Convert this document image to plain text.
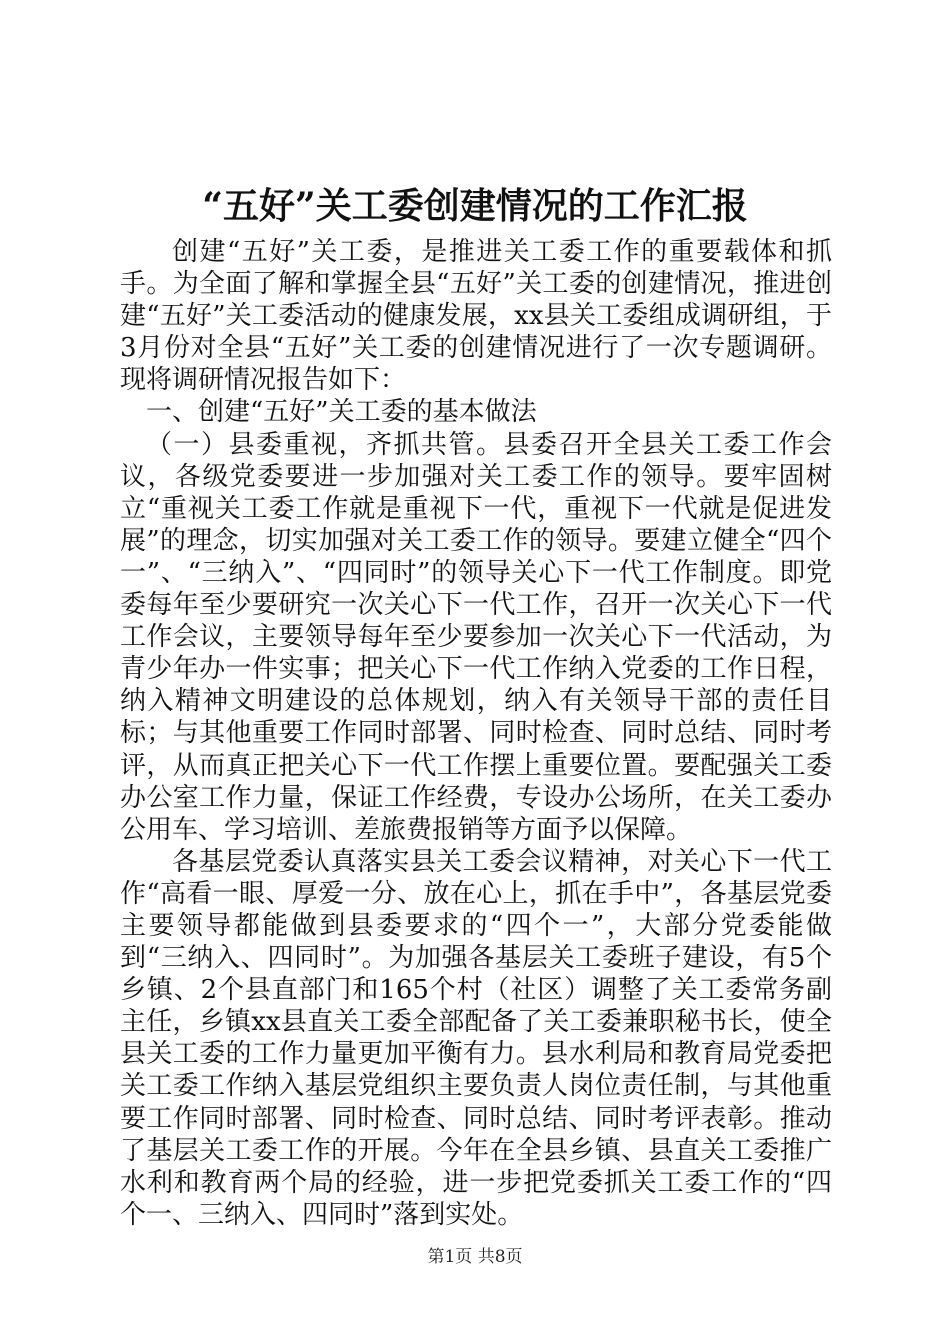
“五好”关工委创建情况的工作汇报

创建“五好”关工委，是推进关工委工作的重要载体和抓手。为全面了解和掌握全县“五好”关工委的创建情况，推进创建“五好”关工委活动的健康发展，xx县关工委组成调研组，于3月份对全县“五好”关工委的创建情况进行了一次专题调研。现将调研情况报告如下：

一、创建“五好”关工委的基本做法

（一）县委重视，齐抓共管。县委召开全县关工委工作会议，各级党委要进一步加强对关工委工作的领导。要牢固树立“重视关工委工作就是重视下一代，重视下一代就是促进发展”的理念，切实加强对关工委工作的领导。要建立健全“四个一”、“三纳入”、“四同时”的领导关心下一代工作制度。即党委每年至少要研究一次关心下一代工作，召开一次关心下一代工作会议，主要领导每年至少要参加一次关心下一代活动，为青少年办一件实事；把关心下一代工作纳入党委的工作日程，纳入精神文明建设的总体规划，纳入有关领导干部的责任目标；与其他重要工作同时部署、同时检查、同时总结、同时考评，从而真正把关心下一代工作摆上重要位置。要配强关工委办公室工作力量，保证工作经费，专设办公场所，在关工委办公用车、学习培训、差旅费报销等方面予以保障。

各基层党委认真落实县关工委会议精神，对关心下一代工作“高看一眼、厚爱一分、放在心上，抓在手中”，各基层党委主要领导都能做到县委要求的“四个一”，大部分党委能做到“三纳入、四同时”。为加强各基层关工委班子建设，有5个乡镇、2个县直部门和165个村（社区）调整了关工委常务副主任，乡镇xx县直关工委全部配备了关工委兼职秘书长，使全县关工委的工作力量更加平衡有力。县水利局和教育局党委把关工委工作纳入基层党组织主要负责人岗位责任制，与其他重要工作同时部署、同时检查、同时总结、同时考评表彰。推动了基层关工委工作的开展。今年在全县乡镇、县直关工委推广水利和教育两个局的经验，进一步把党委抓关工委工作的“四个一、三纳入、四同时”落到实处。

第1页 共8页
